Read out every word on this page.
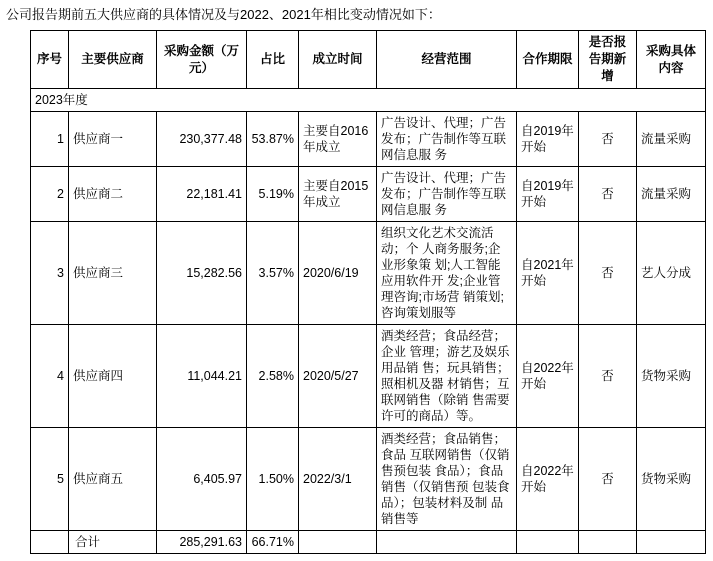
公司报告期前五大供应商的具体情况及与2022、2021年相比变动情况如下：
序号	主要供应商	采购金额（万元）	占比	成立时间	经营范围	合作期限	是否报告期新增	采购具体内容
2023年度								
1	供应商一	230,377.48	53.87%	主要自2016年成立	广告设计、代理；广告发布；广告制作等互联网信息服 务	自2019年开始	否	流量采购
2	供应商二	22,181.41	5.19%	主要自2015年成立	广告设计、代理；广告发布；广告制作等互联网信息服 务	自2019年开始	否	流量采购
3	供应商三	15,282.56	3.57%	2020/6/19	组织文化艺术交流活动；个 人商务服务;企业形象策 划;人工智能应用软件开 发;企业管理咨询;市场营 销策划;咨询策划服等	自2021年开始	否	艺人分成
4	供应商四	11,044.21	2.58%	2020/5/27	酒类经营；食品经营；企业 管理；游艺及娱乐用品销 售；玩具销售；照相机及器 材销售；互联网销售（除销 售需要许可的商品）等。	自2022年开始	否	货物采购
5	供应商五	6,405.97	1.50%	2022/3/1	酒类经营；食品销售；食品 互联网销售（仅销售预包装 食品）；食品销售（仅销售预 包装食品）；包装材料及制 品销售等	自2022年开始	否	货物采购
	合计	285,291.63	66.71%					
